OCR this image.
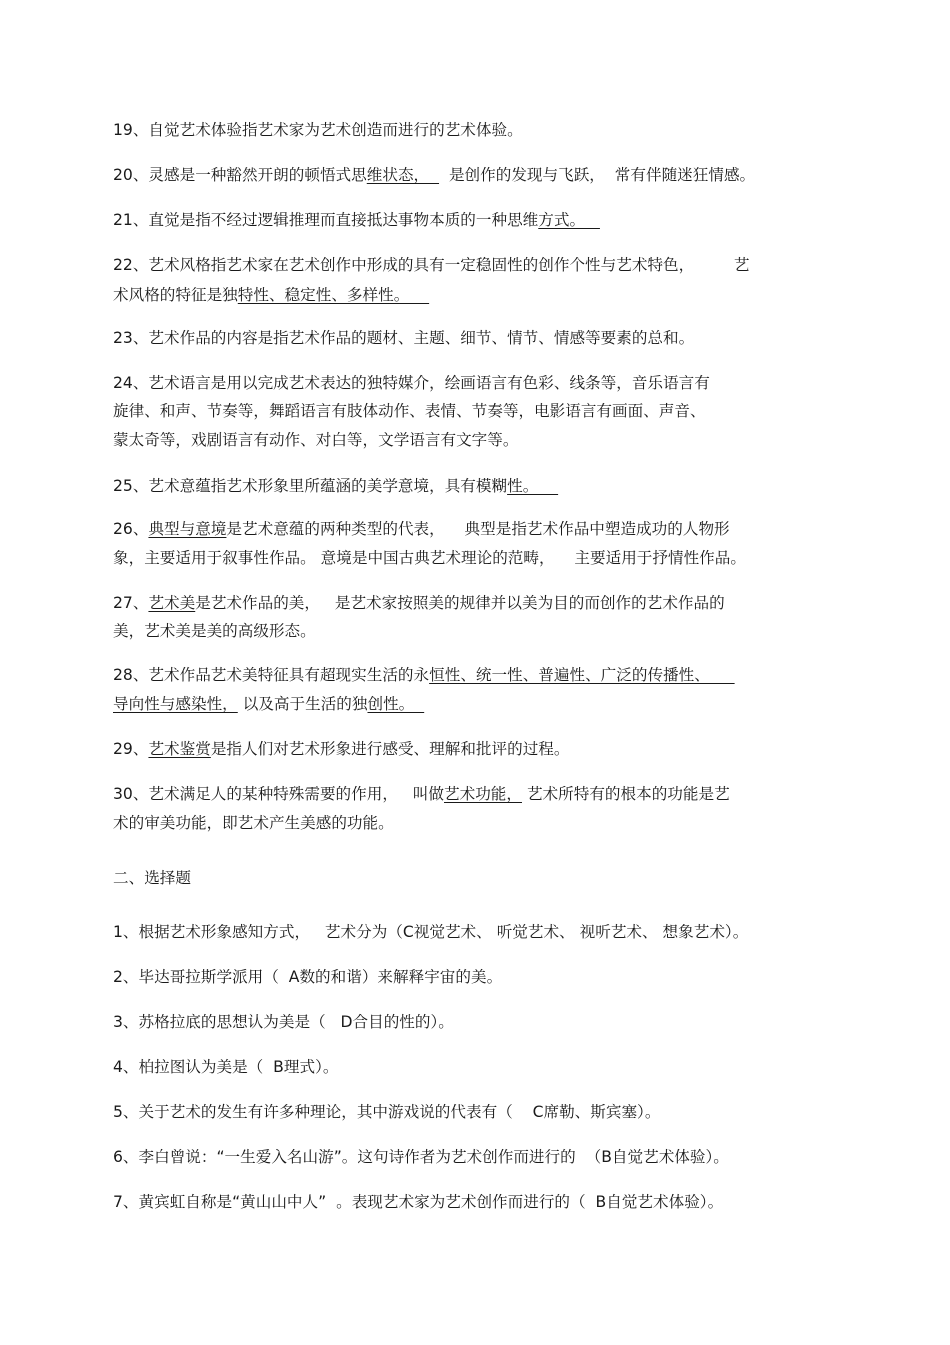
19、自觉艺术体验指艺术家为艺术创造而进行的艺术体验。
20、灵感是一种豁然开朗的顿悟式思维状态，    是创作的发现与飞跃，  常有伴随迷狂情感。
21、直觉是指不经过逻辑推理而直接抵达事物本质的一种思维方式。
22、艺术风格指艺术家在艺术创作中形成的具有一定稳固性的创作个性与艺术特色，        艺
术风格的特征是独特性、稳定性、多样性。
23、艺术作品的内容是指艺术作品的题材、主题、细节、情节、情感等要素的总和。
24、艺术语言是用以完成艺术表达的独特媒介，绘画语言有色彩、线条等，音乐语言有
旋律、和声、节奏等，舞蹈语言有肢体动作、表情、节奏等，电影语言有画面、声音、
蒙太奇等，戏剧语言有动作、对白等，文学语言有文字等。
25、艺术意蕴指艺术形象里所蕴涵的美学意境，具有模糊性。
26、典型与意境是艺术意蕴的两种类型的代表，    典型是指艺术作品中塑造成功的人物形
象，主要适用于叙事性作品。 意境是中国古典艺术理论的范畴，    主要适用于抒情性作品。
27、艺术美是艺术作品的美，   是艺术家按照美的规律并以美为目的而创作的艺术作品的
美，艺术美是美的高级形态。
28、艺术作品艺术美特征具有超现实生活的永恒性、统一性、普遍性、广泛的传播性、
导向性与感染性， 以及高于生活的独创性。
29、艺术鉴赏是指人们对艺术形象进行感受、理解和批评的过程。
30、艺术满足人的某种特殊需要的作用，   叫做艺术功能， 艺术所特有的根本的功能是艺
术的审美功能，即艺术产生美感的功能。
二、选择题
1、根据艺术形象感知方式，   艺术分为（C视觉艺术、 听觉艺术、 视听艺术、 想象艺术）。
2、毕达哥拉斯学派用（  A数的和谐）来解释宇宙的美。
3、苏格拉底的思想认为美是（   D合目的性的）。
4、柏拉图认为美是（  B理式）。
5、关于艺术的发生有许多种理论，其中游戏说的代表有（    C席勒、斯宾塞）。
6、李白曾说：“一生爱入名山游”。这句诗作者为艺术创作而进行的  （B自觉艺术体验）。
7、黄宾虹自称是“黄山山中人”  。表现艺术家为艺术创作而进行的（  B自觉艺术体验）。
